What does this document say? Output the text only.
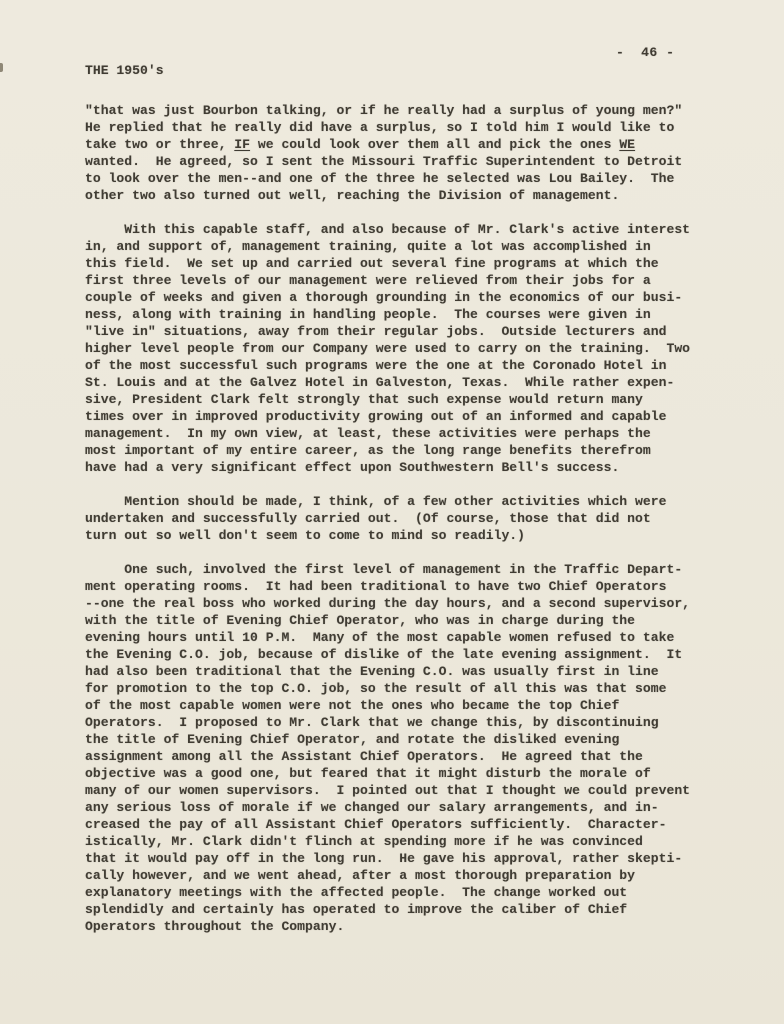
-  46 -
THE 1950's
"that was just Bourbon talking, or if he really had a surplus of young men?"
He replied that he really did have a surplus, so I told him I would like to
take two or three, IF we could look over them all and pick the ones WE
wanted.  He agreed, so I sent the Missouri Traffic Superintendent to Detroit
to look over the men--and one of the three he selected was Lou Bailey.  The
other two also turned out well, reaching the Division of management.
With this capable staff, and also because of Mr. Clark's active interest
in, and support of, management training, quite a lot was accomplished in
this field.  We set up and carried out several fine programs at which the
first three levels of our management were relieved from their jobs for a
couple of weeks and given a thorough grounding in the economics of our busi-
ness, along with training in handling people.  The courses were given in
"live in" situations, away from their regular jobs.  Outside lecturers and
higher level people from our Company were used to carry on the training.  Two
of the most successful such programs were the one at the Coronado Hotel in
St. Louis and at the Galvez Hotel in Galveston, Texas.  While rather expen-
sive, President Clark felt strongly that such expense would return many
times over in improved productivity growing out of an informed and capable
management.  In my own view, at least, these activities were perhaps the
most important of my entire career, as the long range benefits therefrom
have had a very significant effect upon Southwestern Bell's success.
Mention should be made, I think, of a few other activities which were
undertaken and successfully carried out.  (Of course, those that did not
turn out so well don't seem to come to mind so readily.)
One such, involved the first level of management in the Traffic Depart-
ment operating rooms.  It had been traditional to have two Chief Operators
--one the real boss who worked during the day hours, and a second supervisor,
with the title of Evening Chief Operator, who was in charge during the
evening hours until 10 P.M.  Many of the most capable women refused to take
the Evening C.O. job, because of dislike of the late evening assignment.  It
had also been traditional that the Evening C.O. was usually first in line
for promotion to the top C.O. job, so the result of all this was that some
of the most capable women were not the ones who became the top Chief
Operators.  I proposed to Mr. Clark that we change this, by discontinuing
the title of Evening Chief Operator, and rotate the disliked evening
assignment among all the Assistant Chief Operators.  He agreed that the
objective was a good one, but feared that it might disturb the morale of
many of our women supervisors.  I pointed out that I thought we could prevent
any serious loss of morale if we changed our salary arrangements, and in-
creased the pay of all Assistant Chief Operators sufficiently.  Character-
istically, Mr. Clark didn't flinch at spending more if he was convinced
that it would pay off in the long run.  He gave his approval, rather skepti-
cally however, and we went ahead, after a most thorough preparation by
explanatory meetings with the affected people.  The change worked out
splendidly and certainly has operated to improve the caliber of Chief
Operators throughout the Company.
